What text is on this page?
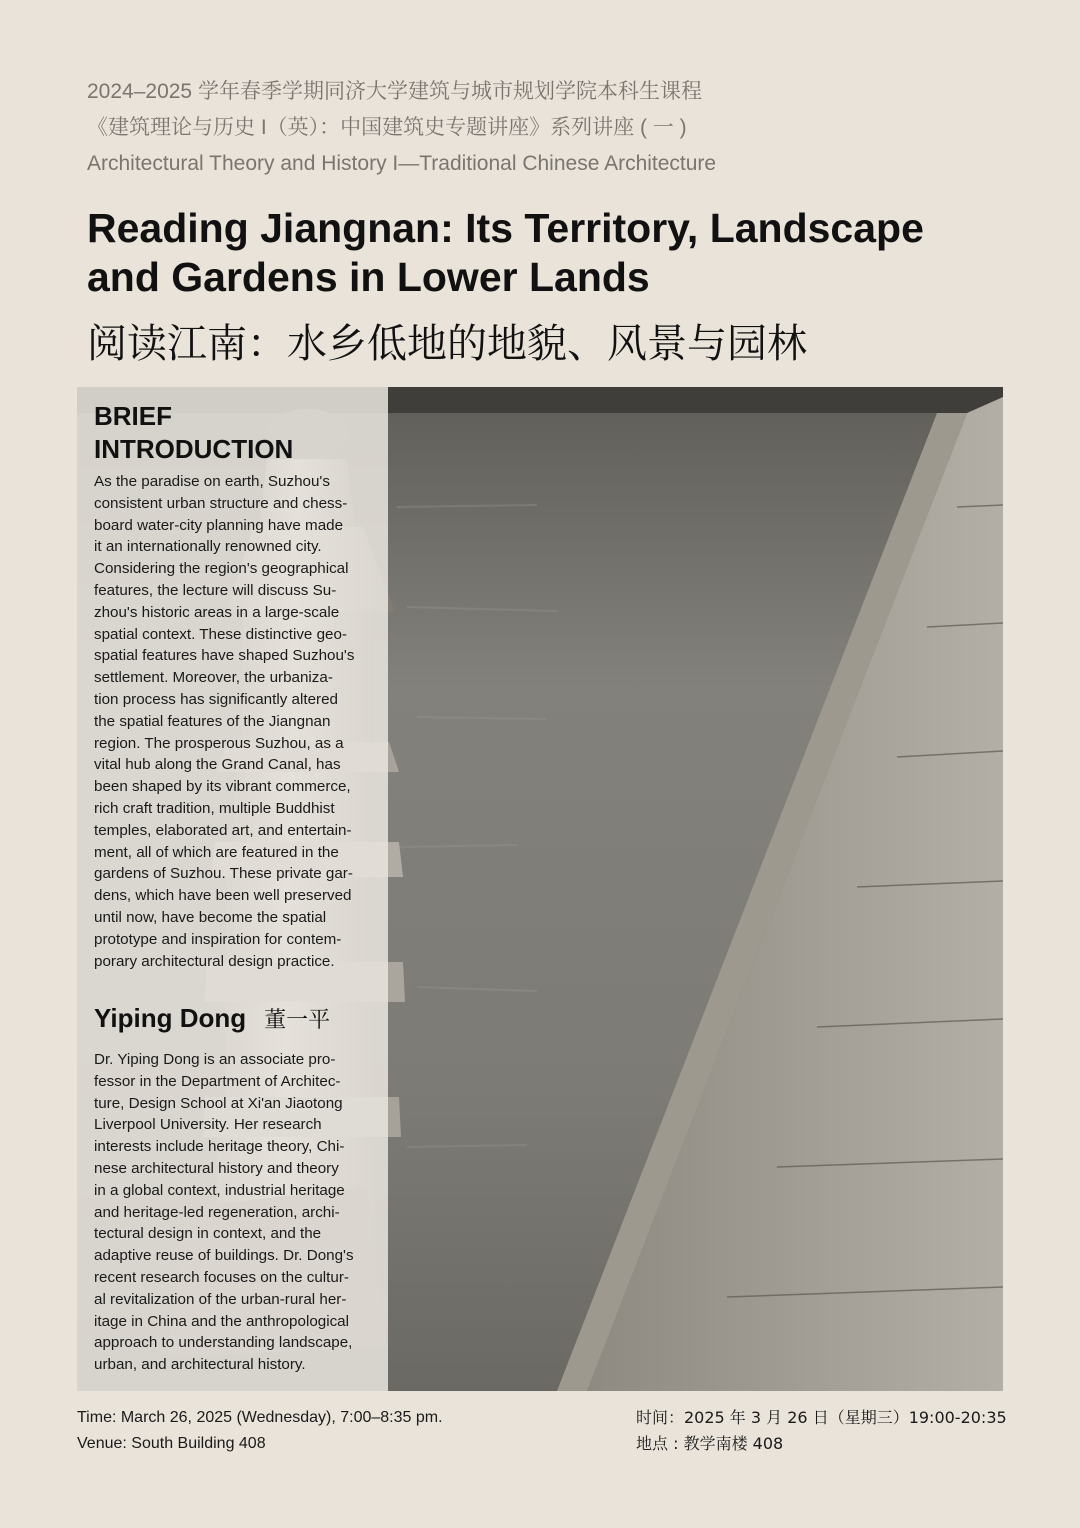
2024–2025 学年春季学期同济大学建筑与城市规划学院本科生课程
《建筑理论与历史 I（英）：中国建筑史专题讲座》系列讲座 ( 一 )
Architectural Theory and History I—Traditional Chinese Architecture
Reading Jiangnan: Its Territory, Landscape
and Gardens in Lower Lands
阅读江南：水乡低地的地貌、风景与园林
BRIEF
INTRODUCTION
As the paradise on earth, Suzhou's
consistent urban structure and chess-
board water-city planning have made
it an internationally renowned city.
Considering the region's geographical
features, the lecture will discuss Su-
zhou's historic areas in a large-scale
spatial context. These distinctive geo-
spatial features have shaped Suzhou's
settlement. Moreover, the urbaniza-
tion process has significantly altered
the spatial features of the Jiangnan
region. The prosperous Suzhou, as a
vital hub along the Grand Canal, has
been shaped by its vibrant commerce,
rich craft tradition, multiple Buddhist
temples, elaborated art, and entertain-
ment, all of which are featured in the
gardens of Suzhou. These private gar-
dens, which have been well preserved
until now, have become the spatial
prototype and inspiration for contem-
porary architectural design practice.
Yiping Dong 董一平
Dr. Yiping Dong is an associate pro-
fessor in the Department of Architec-
ture, Design School at Xi'an Jiaotong
Liverpool University. Her research
interests include heritage theory, Chi-
nese architectural history and theory
in a global context, industrial heritage
and heritage-led regeneration, archi-
tectural design in context, and the
adaptive reuse of buildings. Dr. Dong's
recent research focuses on the cultur-
al revitalization of the urban-rural her-
itage in China and the anthropological
approach to understanding landscape,
urban, and architectural history.
Time: March 26, 2025 (Wednesday), 7:00–8:35 pm.
Venue: South Building 408
时间：2025 年 3 月 26 日（星期三）19:00-20:35
地点 : 教学南楼 408
